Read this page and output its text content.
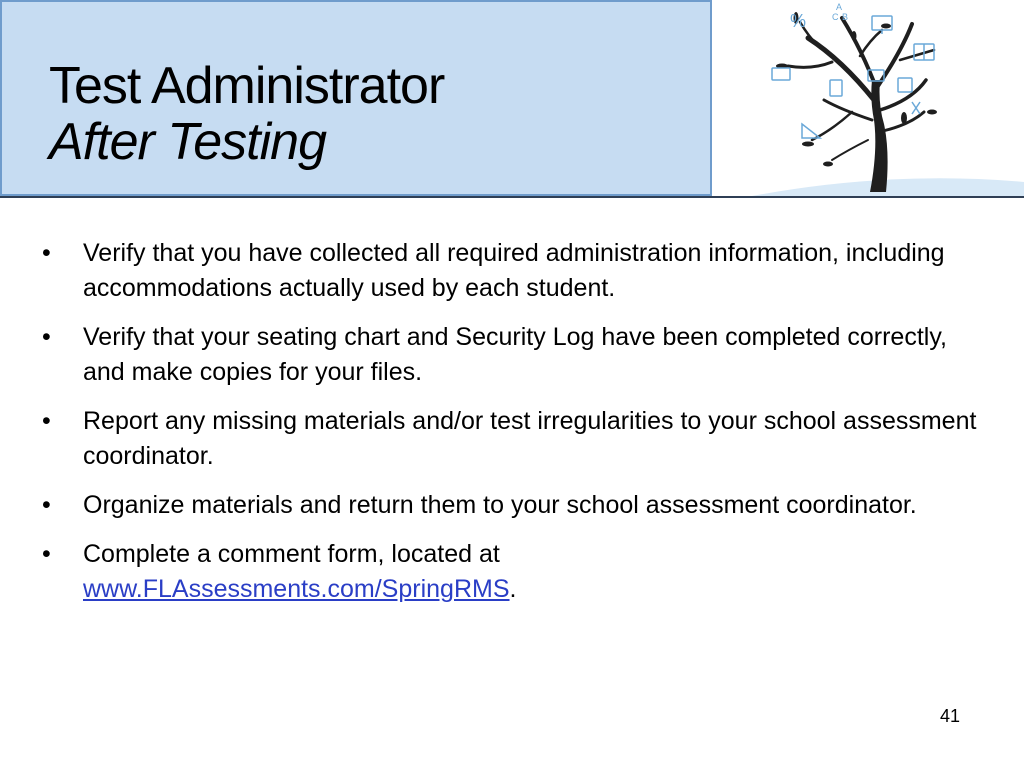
Test Administrator
After Testing
%
A
C B
• Verify that you have collected all required administration information, including accommodations actually used by each student.
• Verify that your seating chart and Security Log have been completed correctly, and make copies for your files.
• Report any missing materials and/or test irregularities to your school assessment coordinator.
• Organize materials and return them to your school assessment coordinator.
• Complete a comment form, located at
www.FLAssessments.com/SpringRMS.
41
